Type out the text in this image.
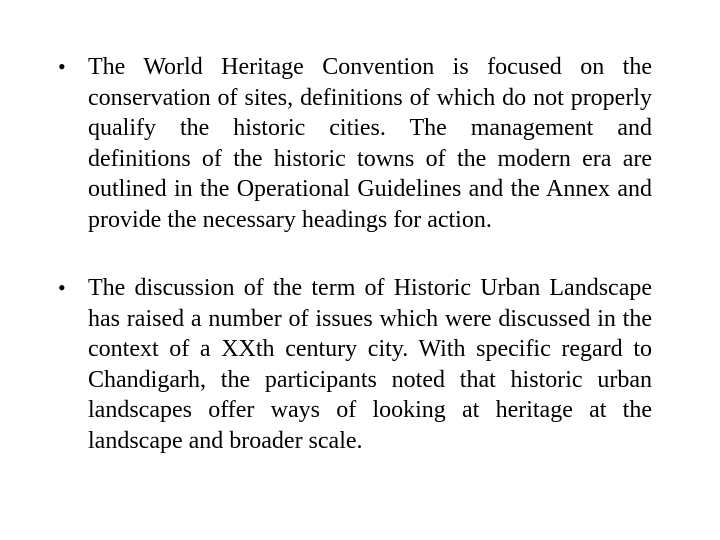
• The World Heritage Convention is focused on the conservation of sites, definitions of which do not properly qualify the historic cities. The management and definitions of the historic towns of the modern era are outlined in the Operational Guidelines and the Annex and provide the necessary headings for action.
• The discussion of the term of Historic Urban Landscape has raised a number of issues which were discussed in the context of a XXth century city. With specific regard to Chandigarh, the participants noted that historic urban landscapes offer ways of looking at heritage at the landscape and broader scale.
